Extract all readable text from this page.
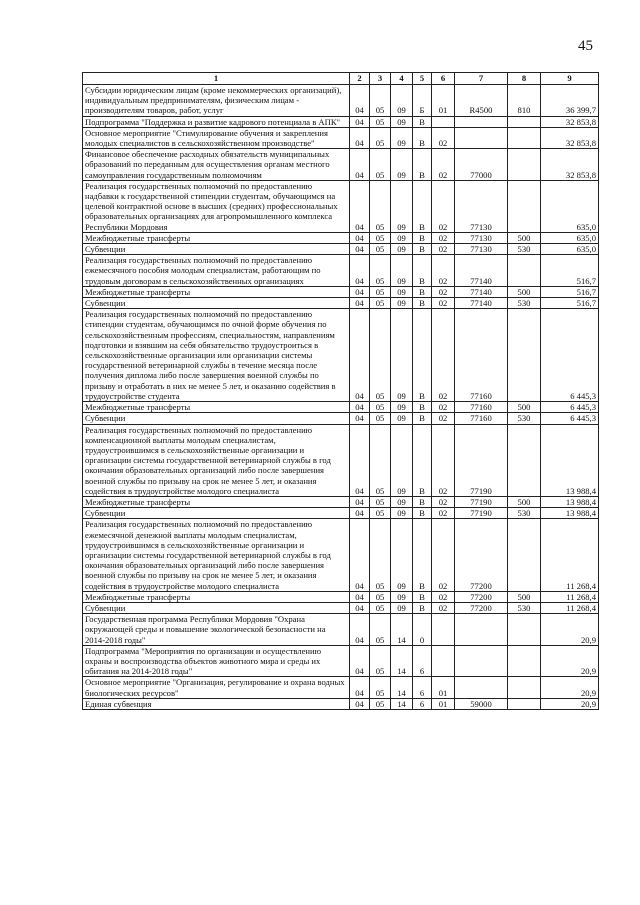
45
1	2	3	4	5	6	7	8	9
Субсидии юридическим лицам (кроме некоммерческих организаций), индивидуальным предпринимателям, физическим лицам - производителям товаров, работ, услуг	04	05	09	Б	01	R4500	810	36 399,7
Подпрограмма "Поддержка и развитие кадрового потенциала в АПК"	04	05	09	В				32 853,8
Основное мероприятие "Стимулирование обучения и закрепления молодых специалистов в сельскохозяйственном производстве"	04	05	09	В	02			32 853,8
Финансовое обеспечение расходных обязательств муниципальных образований по переданным для осуществления органам местного самоуправления государственным полномочиям	04	05	09	В	02	77000		32 853,8
Реализация государственных полномочий по предоставлению надбавки к государственной стипендии студентам, обучающимся на целевой контрактной основе в высших (средних) профессиональных образовательных организациях для агропромышленного комплекса Республики Мордовия	04	05	09	В	02	77130		635,0
Межбюджетные трансферты	04	05	09	В	02	77130	500	635,0
Субвенции	04	05	09	В	02	77130	530	635,0
Реализация государственных полномочий по предоставлению ежемесячного пособия молодым специалистам, работающим по трудовым договорам в сельскохозяйственных организациях	04	05	09	В	02	77140		516,7
Межбюджетные трансферты	04	05	09	В	02	77140	500	516,7
Субвенции	04	05	09	В	02	77140	530	516,7
Реализация государственных полномочий по предоставлению стипендии студентам, обучающимся по очной форме обучения по сельскохозяйственным профессиям, специальностям, направлениям подготовки и взявшим на себя обязательство трудоустроиться в сельскохозяйственные организации или организации системы государственной ветеринарной службы в течение месяца после получения диплома либо после завершения военной службы по призыву и отработать в них не менее 5 лет, и оказанию содействия в трудоустройстве студента	04	05	09	В	02	77160		6 445,3
Межбюджетные трансферты	04	05	09	В	02	77160	500	6 445,3
Субвенции	04	05	09	В	02	77160	530	6 445,3
Реализация государственных полномочий по предоставлению компенсационной выплаты молодым специалистам, трудоустроившимся в сельскохозяйственные организации и организации системы государственной ветеринарной службы в год окончания образовательных организаций либо после завершения военной службы по призыву на срок не менее 5 лет, и оказания содействия в трудоустройстве молодого специалиста	04	05	09	В	02	77190		13 988,4
Межбюджетные трансферты	04	05	09	В	02	77190	500	13 988,4
Субвенции	04	05	09	В	02	77190	530	13 988,4
Реализация государственных полномочий по предоставлению ежемесячной денежной выплаты молодым специалистам, трудоустроившимся в сельскохозяйственные организации и организации системы государственной ветеринарной службы в год окончания образовательных организаций либо после завершения военной службы по призыву на срок не менее 5 лет, и оказания содействия в трудоустройстве молодого специалиста	04	05	09	В	02	77200		11 268,4
Межбюджетные трансферты	04	05	09	В	02	77200	500	11 268,4
Субвенции	04	05	09	В	02	77200	530	11 268,4
Государственная программа Республики Мордовия "Охрана окружающей среды и повышение экологической безопасности на 2014-2018 годы"	04	05	14	0				20,9
Подпрограмма "Мероприятия по организации и осуществлению охраны и воспроизводства объектов животного мира и среды их обитания на 2014-2018 годы"	04	05	14	6				20,9
Основное мероприятие "Организация, регулирование и охрана водных биологических ресурсов"	04	05	14	6	01			20,9
Единая субвенция	04	05	14	6	01	59000		20,9
